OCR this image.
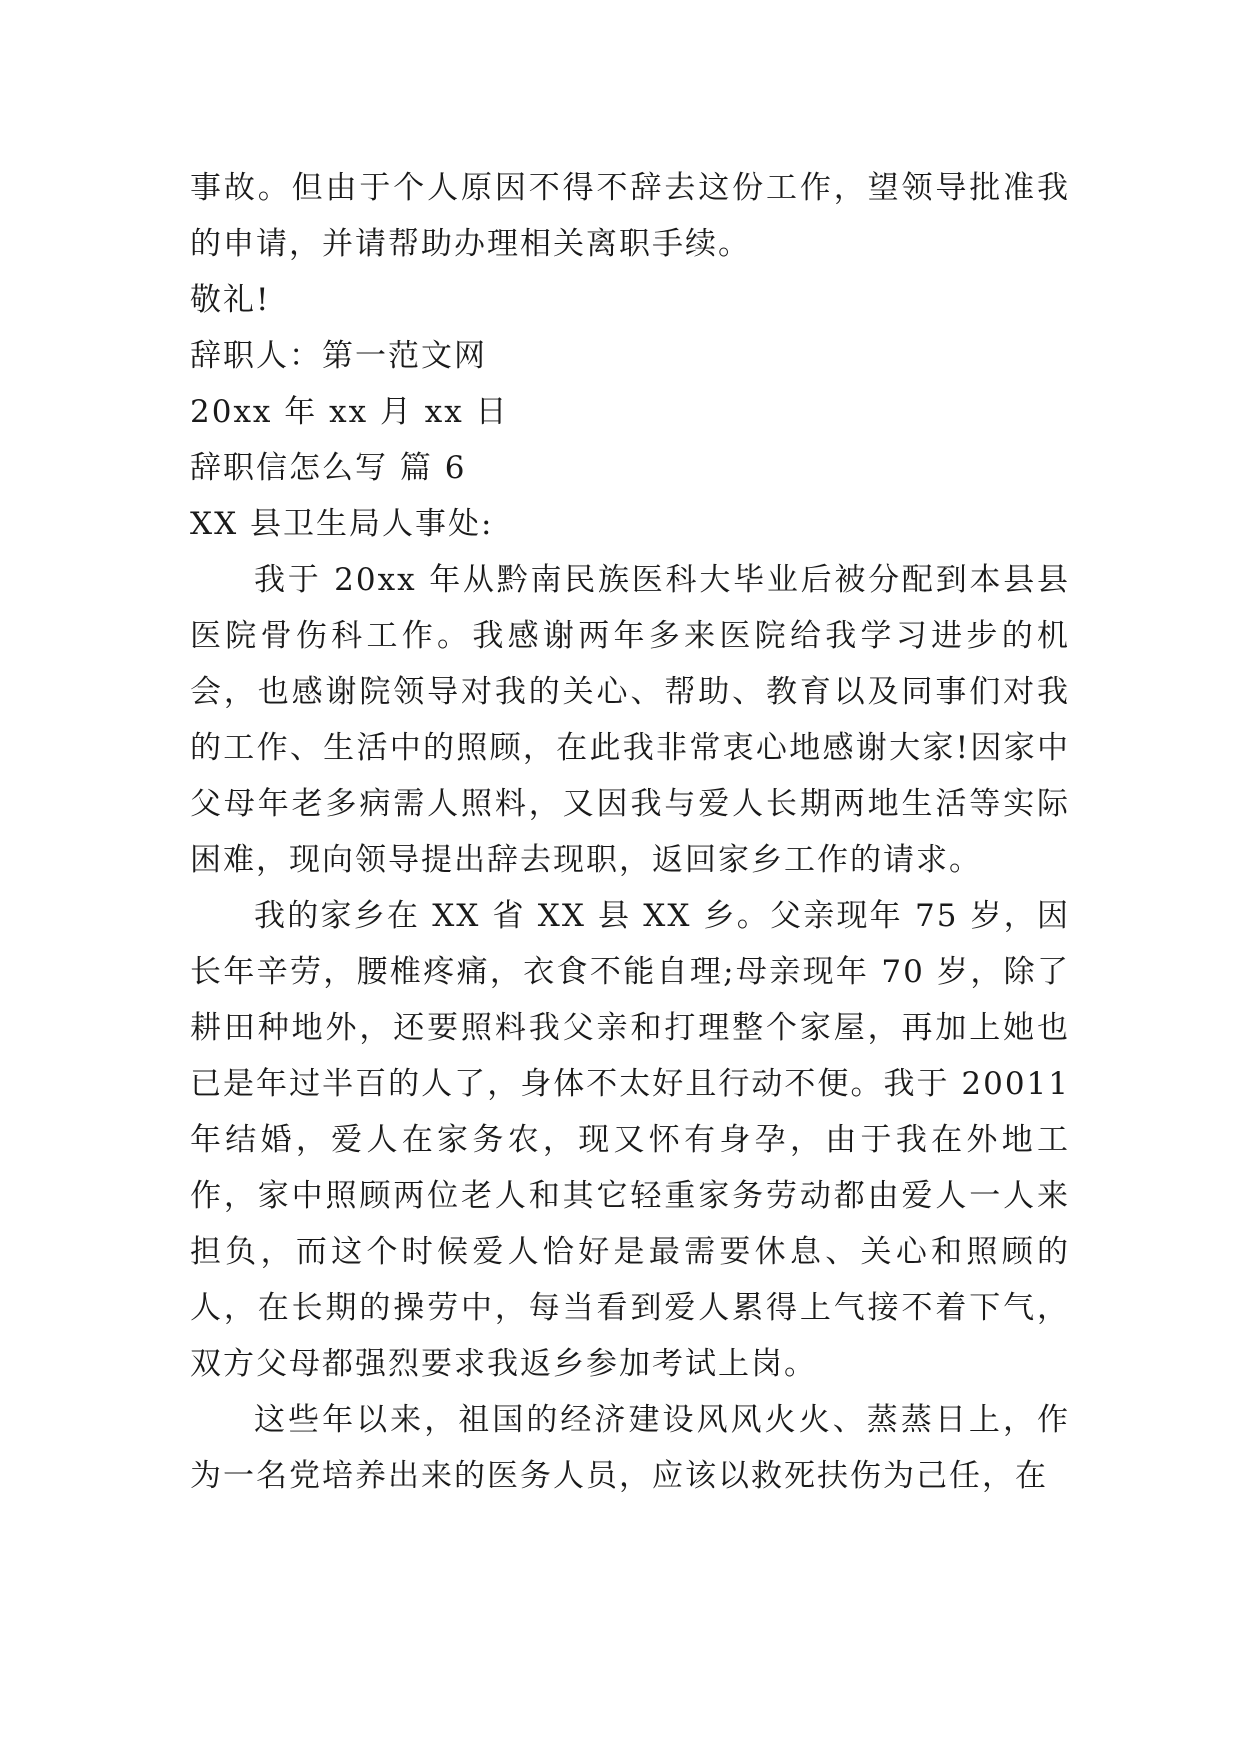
事故。但由于个人原因不得不辞去这份工作，望领导批准我的申请，并请帮助办理相关离职手续。

敬礼!

辞职人：第一范文网

20xx 年 xx 月 xx 日

辞职信怎么写 篇 6

XX 县卫生局人事处:

我于 20xx 年从黔南民族医科大毕业后被分配到本县县医院骨伤科工作。我感谢两年多来医院给我学习进步的机会，也感谢院领导对我的关心、帮助、教育以及同事们对我的工作、生活中的照顾，在此我非常衷心地感谢大家!因家中父母年老多病需人照料，又因我与爱人长期两地生活等实际困难，现向领导提出辞去现职，返回家乡工作的请求。

我的家乡在 XX 省 XX 县 XX 乡。父亲现年 75 岁，因长年辛劳，腰椎疼痛，衣食不能自理;母亲现年 70 岁，除了耕田种地外，还要照料我父亲和打理整个家屋，再加上她也已是年过半百的人了，身体不太好且行动不便。我于 20011 年结婚，爱人在家务农，现又怀有身孕，由于我在外地工作，家中照顾两位老人和其它轻重家务劳动都由爱人一人来担负，而这个时候爱人恰好是最需要休息、关心和照顾的人，在长期的操劳中，每当看到爱人累得上气接不着下气，双方父母都强烈要求我返乡参加考试上岗。

这些年以来，祖国的经济建设风风火火、蒸蒸日上，作为一名党培养出来的医务人员，应该以救死扶伤为己任，在
